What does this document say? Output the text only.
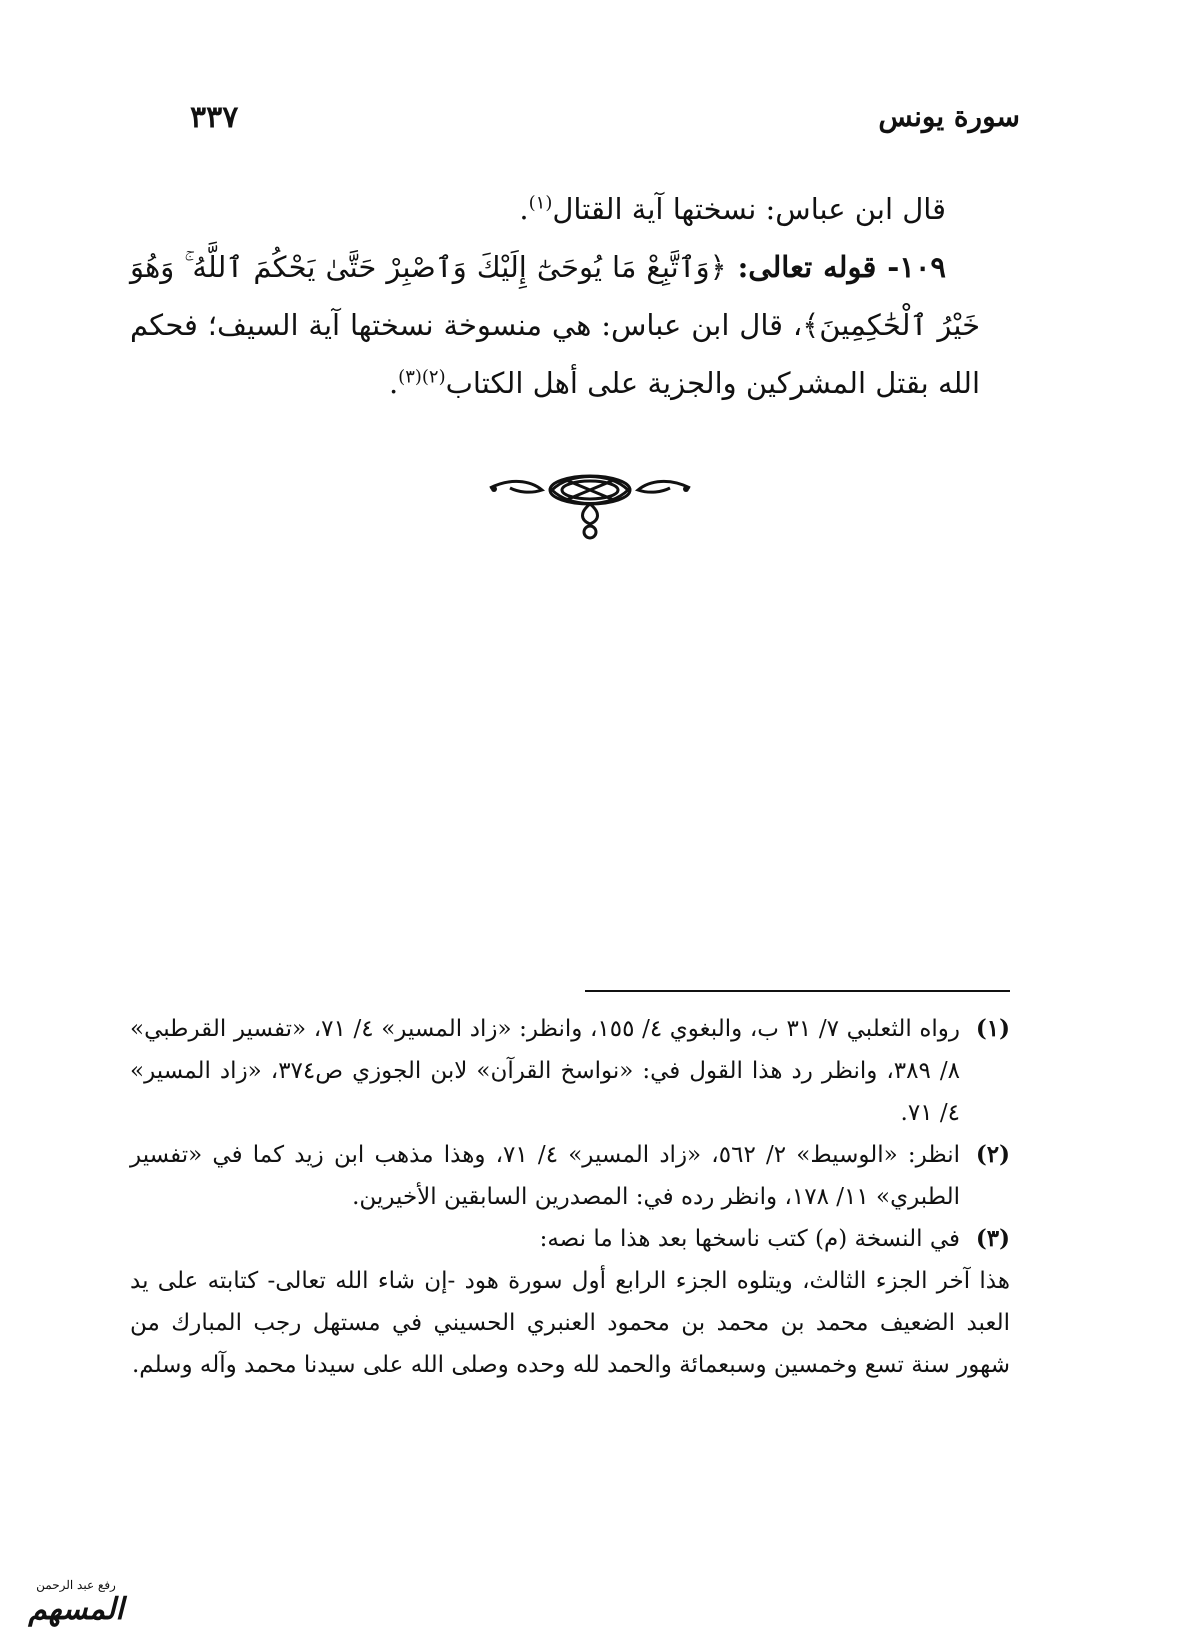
سورة يونس
٣٣٧

قال ابن عباس: نسختها آية القتال$^{(١)}$.

١٠٩- قوله تعالى: ﴿وَٱتَّبِعْ مَا يُوحَىٰٓ إِلَيْكَ وَٱصْبِرْ حَتَّىٰ يَحْكُمَ ٱللَّهُ ۚ وَهُوَ خَيْرُ ٱلْحَٰكِمِينَ﴾، قال ابن عباس: هي منسوخة نسختها آية السيف؛ فحكم الله بقتل المشركين والجزية على أهل الكتاب$^{(٢)(٣)}$.

(١)
رواه الثعلبي ٧/ ٣١ ب، والبغوي ٤/ ١٥٥، وانظر: «زاد المسير» ٤/ ٧١، «تفسير القرطبي» ٨/ ٣٨٩، وانظر رد هذا القول في: «نواسخ القرآن» لابن الجوزي ص٣٧٤، «زاد المسير» ٤/ ٧١.
(٢)
انظر: «الوسيط» ٢/ ٥٦٢، «زاد المسير» ٤/ ٧١، وهذا مذهب ابن زيد كما في «تفسير الطبري» ١١/ ١٧٨، وانظر رده في: المصدرين السابقين الأخيرين.
(٣)
في النسخة (م) كتب ناسخها بعد هذا ما نصه:

هذا آخر الجزء الثالث، ويتلوه الجزء الرابع أول سورة هود -إن شاء الله تعالى- كتابته على يد العبد الضعيف محمد بن محمد بن محمود العنبري الحسيني في مستهل رجب المبارك من شهور سنة تسع وخمسين وسبعمائة والحمد لله وحده وصلى الله على سيدنا محمد وآله وسلم.

رفع عبد الرحمن
المسهم
